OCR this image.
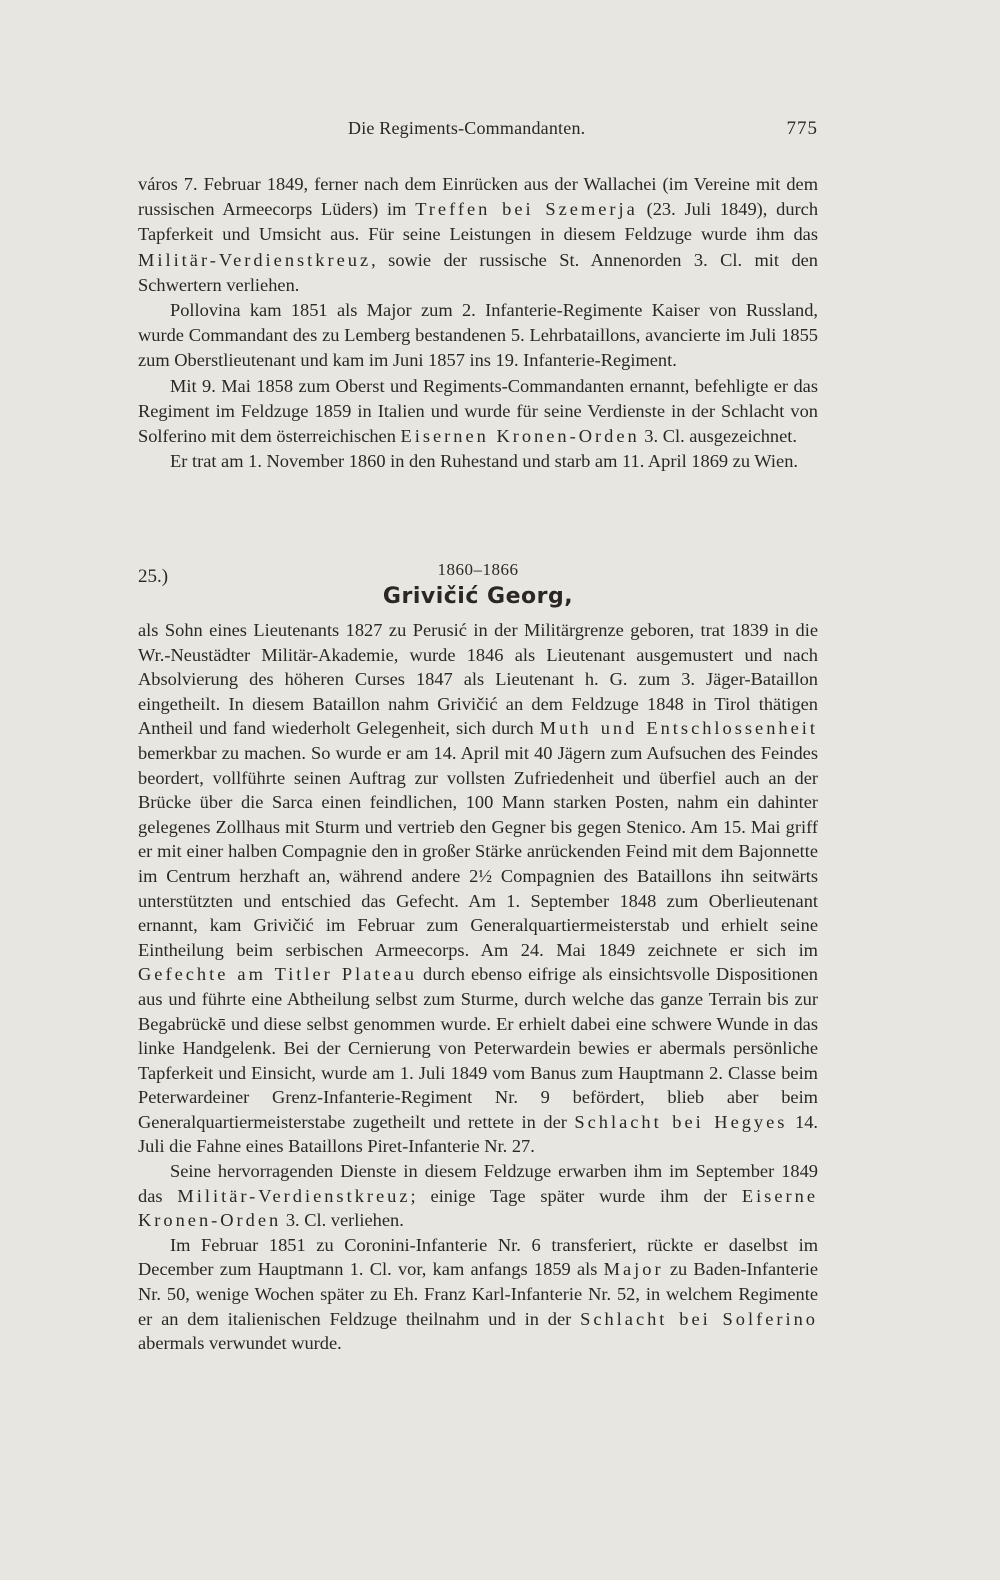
Die Regiments-Commandanten.	775

város 7. Februar 1849, ferner nach dem Einrücken aus der Wallachei (im Vereine mit dem russischen Armeecorps Lüders) im Treffen bei Szemerja (23. Juli 1849), durch Tapferkeit und Umsicht aus. Für seine Leistungen in diesem Feldzuge wurde ihm das Militär-Verdienstkreuz, sowie der russische St. Annenorden 3. Cl. mit den Schwertern verliehen.

Pollovina kam 1851 als Major zum 2. Infanterie-Regimente Kaiser von Russland, wurde Commandant des zu Lemberg bestandenen 5. Lehrbataillons, avancierte im Juli 1855 zum Oberstlieutenant und kam im Juni 1857 ins 19. Infanterie-Regiment.

Mit 9. Mai 1858 zum Oberst und Regiments-Commandanten ernannt, befehligte er das Regiment im Feldzuge 1859 in Italien und wurde für seine Verdienste in der Schlacht von Solferino mit dem österreichischen Eisernen Kronen-Orden 3. Cl. ausgezeichnet.

Er trat am 1. November 1860 in den Ruhestand und starb am 11. April 1869 zu Wien.

25.)	1860–1866
Grivičić Georg,

als Sohn eines Lieutenants 1827 zu Perusić in der Militärgrenze geboren, trat 1839 in die Wr.-Neustädter Militär-Akademie, wurde 1846 als Lieutenant ausgemustert und nach Absolvierung des höheren Curses 1847 als Lieutenant h. G. zum 3. Jäger-Bataillon eingetheilt. In diesem Bataillon nahm Grivičić an dem Feldzuge 1848 in Tirol thätigen Antheil und fand wiederholt Gelegenheit, sich durch Muth und Entschlossenheit bemerkbar zu machen. So wurde er am 14. April mit 40 Jägern zum Aufsuchen des Feindes beordert, vollführte seinen Auftrag zur vollsten Zufriedenheit und überfiel auch an der Brücke über die Sarca einen feindlichen, 100 Mann starken Posten, nahm ein dahinter gelegenes Zollhaus mit Sturm und vertrieb den Gegner bis gegen Stenico. Am 15. Mai griff er mit einer halben Compagnie den in großer Stärke anrückenden Feind mit dem Bajonnette im Centrum herzhaft an, während andere 2½ Compagnien des Bataillons ihn seitwärts unterstützten und entschied das Gefecht. Am 1. September 1848 zum Oberlieutenant ernannt, kam Grivičić im Februar zum Generalquartiermeisterstab und erhielt seine Eintheilung beim serbischen Armeecorps. Am 24. Mai 1849 zeichnete er sich im Gefechte am Titler Plateau durch ebenso eifrige als einsichtsvolle Dispositionen aus und führte eine Abtheilung selbst zum Sturme, durch welche das ganze Terrain bis zur Begabrückē und diese selbst genommen wurde. Er erhielt dabei eine schwere Wunde in das linke Handgelenk. Bei der Cernierung von Peterwardein bewies er abermals persönliche Tapferkeit und Einsicht, wurde am 1. Juli 1849 vom Banus zum Hauptmann 2. Classe beim Peterwardeiner Grenz-Infanterie-Regiment Nr. 9 befördert, blieb aber beim Generalquartiermeisterstabe zugetheilt und rettete in der Schlacht bei Hegyes 14. Juli die Fahne eines Bataillons Piret-Infanterie Nr. 27.

Seine hervorragenden Dienste in diesem Feldzuge erwarben ihm im September 1849 das Militär-Verdienstkreuz; einige Tage später wurde ihm der Eiserne Kronen-Orden 3. Cl. verliehen.

Im Februar 1851 zu Coronini-Infanterie Nr. 6 transferiert, rückte er daselbst im December zum Hauptmann 1. Cl. vor, kam anfangs 1859 als Major zu Baden-Infanterie Nr. 50, wenige Wochen später zu Eh. Franz Karl-Infanterie Nr. 52, in welchem Regimente er an dem italienischen Feldzuge theilnahm und in der Schlacht bei Solferino abermals verwundet wurde.
